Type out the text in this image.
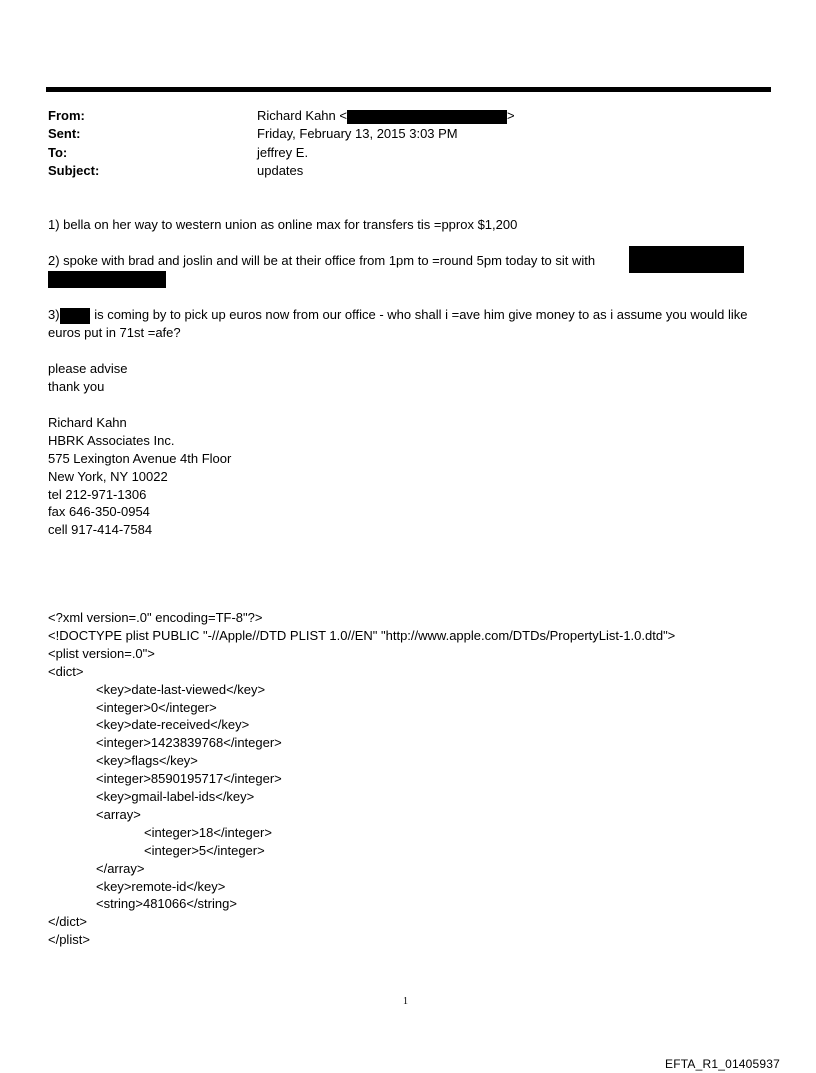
From:	Richard Kahn <	>
Sent:	Friday, February 13, 2015 3:03 PM
To:	jeffrey E.
Subject:	updates
1) bella on her way to western union as online max for transfers tis =pprox $1,200
2) spoke with brad and joslin and will be at their office from 1pm to =round 5pm today to sit with
3)	is coming by to pick up euros now from our office - who shall i =ave him give money to as i assume you would like
euros put in 71st =afe?
please advise
thank you
Richard Kahn
HBRK Associates Inc.
575 Lexington Avenue 4th Floor
New York, NY 10022
tel 212-971-1306
fax 646-350-0954
cell 917-414-7584
<?xml version=.0" encoding=TF-8"?>
<!DOCTYPE plist PUBLIC "-//Apple//DTD PLIST 1.0//EN" "http://www.apple.com/DTDs/PropertyList-1.0.dtd">
<plist version=.0">
<dict>
<key>date-last-viewed</key>
<integer>0</integer>
<key>date-received</key>
<integer>1423839768</integer>
<key>flags</key>
<integer>8590195717</integer>
<key>gmail-label-ids</key>
<array>
<integer>18</integer>
<integer>5</integer>
</array>
<key>remote-id</key>
<string>481066</string>
</dict>
</plist>
1
EFTA_R1_01405937
